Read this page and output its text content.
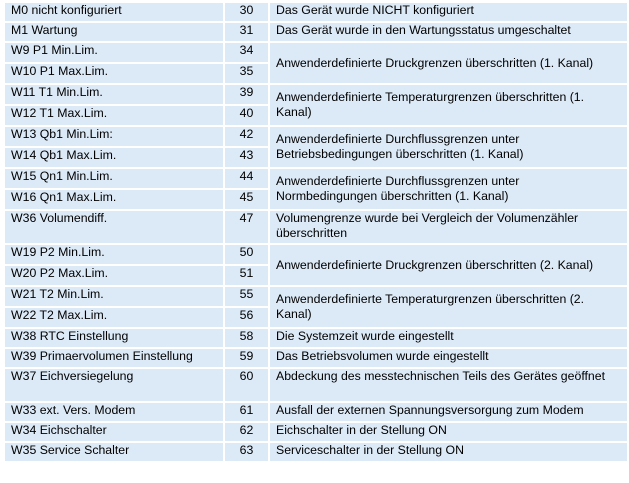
M0 nicht konfiguriert	30	Das Gerät wurde NICHT konfiguriert
M1 Wartung	31	Das Gerät wurde in den Wartungsstatus umgeschaltet
W9 P1 Min.Lim.	34	Anwenderdefinierte Druckgrenzen überschritten (1. Kanal)
W10 P1 Max.Lim.	35	
W11 T1 Min.Lim.	39	Anwenderdefinierte Temperaturgrenzen überschritten (1. Kanal)
W12 T1 Max.Lim.	40	
W13 Qb1 Min.Lim:	42	Anwenderdefinierte Durchflussgrenzen unter Betriebsbedingungen überschritten (1. Kanal)
W14 Qb1 Max.Lim.	43	
W15 Qn1 Min.Lim.	44	Anwenderdefinierte Durchflussgrenzen unter Normbedingungen überschritten (1. Kanal)
W16 Qn1 Max.Lim.	45	
W36 Volumendiff.	47	Volumengrenze wurde bei Vergleich der Volumenzähler überschritten
W19 P2 Min.Lim.	50	Anwenderdefinierte Druckgrenzen überschritten (2. Kanal)
W20 P2 Max.Lim.	51	
W21 T2 Min.Lim.	55	Anwenderdefinierte Temperaturgrenzen überschritten (2. Kanal)
W22 T2 Max.Lim.	56	
W38 RTC Einstellung	58	Die Systemzeit wurde eingestellt
W39 Primaervolumen Einstellung	59	Das Betriebsvolumen wurde eingestellt
W37 Eichversiegelung	60	Abdeckung des messtechnischen Teils des Gerätes geöffnet
W33 ext. Vers. Modem	61	Ausfall der externen Spannungsversorgung zum Modem
W34 Eichschalter	62	Eichschalter in der Stellung ON
W35 Service Schalter	63	Serviceschalter in der Stellung ON
